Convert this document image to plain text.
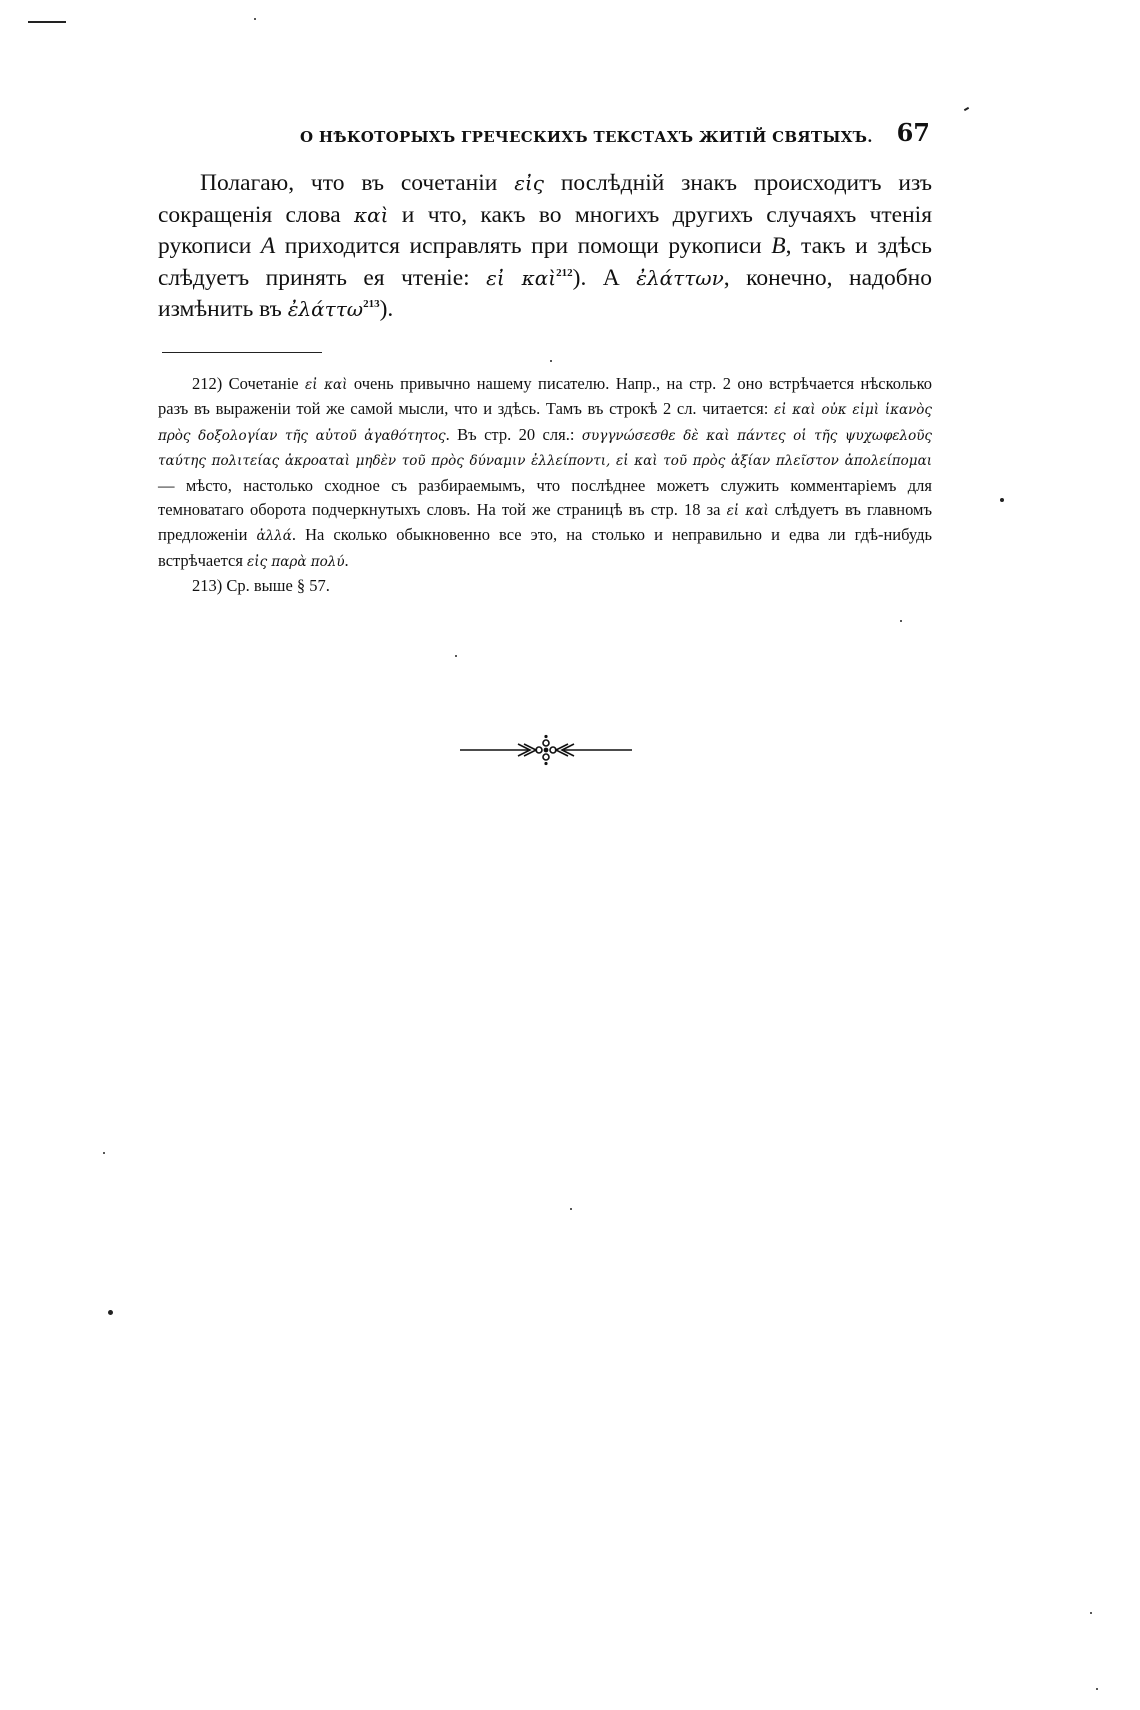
О НѢКОТОРЫХЪ ГРЕЧЕСКИХЪ ТЕКСТАХЪ ЖИТІЙ СВЯТЫХЪ. 67

Полагаю, что въ сочетаніи εἰς послѣдній знакъ происходитъ изъ сокращенія слова καὶ и что, какъ во многихъ другихъ случаяхъ чтенія рукописи A приходится исправлять при помощи рукописи B, такъ и здѣсь слѣдуетъ принять ея чтеніе: εἰ καὶ$^{212}$). А ἐλάττων, конечно, надобно измѣнить въ ἐλάττω$^{213}$).

212) Сочетаніе εἰ καὶ очень привычно нашему писателю. Напр., на стр. 2 оно встрѣчается нѣсколько разъ въ выраженіи той же самой мысли, что и здѣсь. Тамъ въ строкѣ 2 сл. читается: εἰ καὶ οὐκ εἰμὶ ἱκανὸς πρὸς δοξολογίαν τῆς αὐτοῦ ἀγαθότητος. Въ стр. 20 сля.: συγγνώσεσθε δὲ καὶ πάντες οἱ τῆς ψυχωφελοῦς ταύτης πολιτείας ἀκροαταὶ μηδὲν τοῦ πρὸς δύναμιν ἐλλείποντι, εἰ καὶ τοῦ πρὸς ἀξίαν πλεῖστον ἀπολείπομαι — мѣсто, настолько сходное съ разбираемымъ, что послѣднее можетъ служить комментаріемъ для темноватаго оборота подчеркнутыхъ словъ. На той же страницѣ въ стр. 18 за εἰ καὶ слѣдуетъ въ главномъ предложеніи ἀλλά. На сколько обыкновенно все это, на столько и неправильно и едва ли гдѣ-нибудь встрѣчается εἰς παρὰ πολύ.

213) Ср. выше § 57.
